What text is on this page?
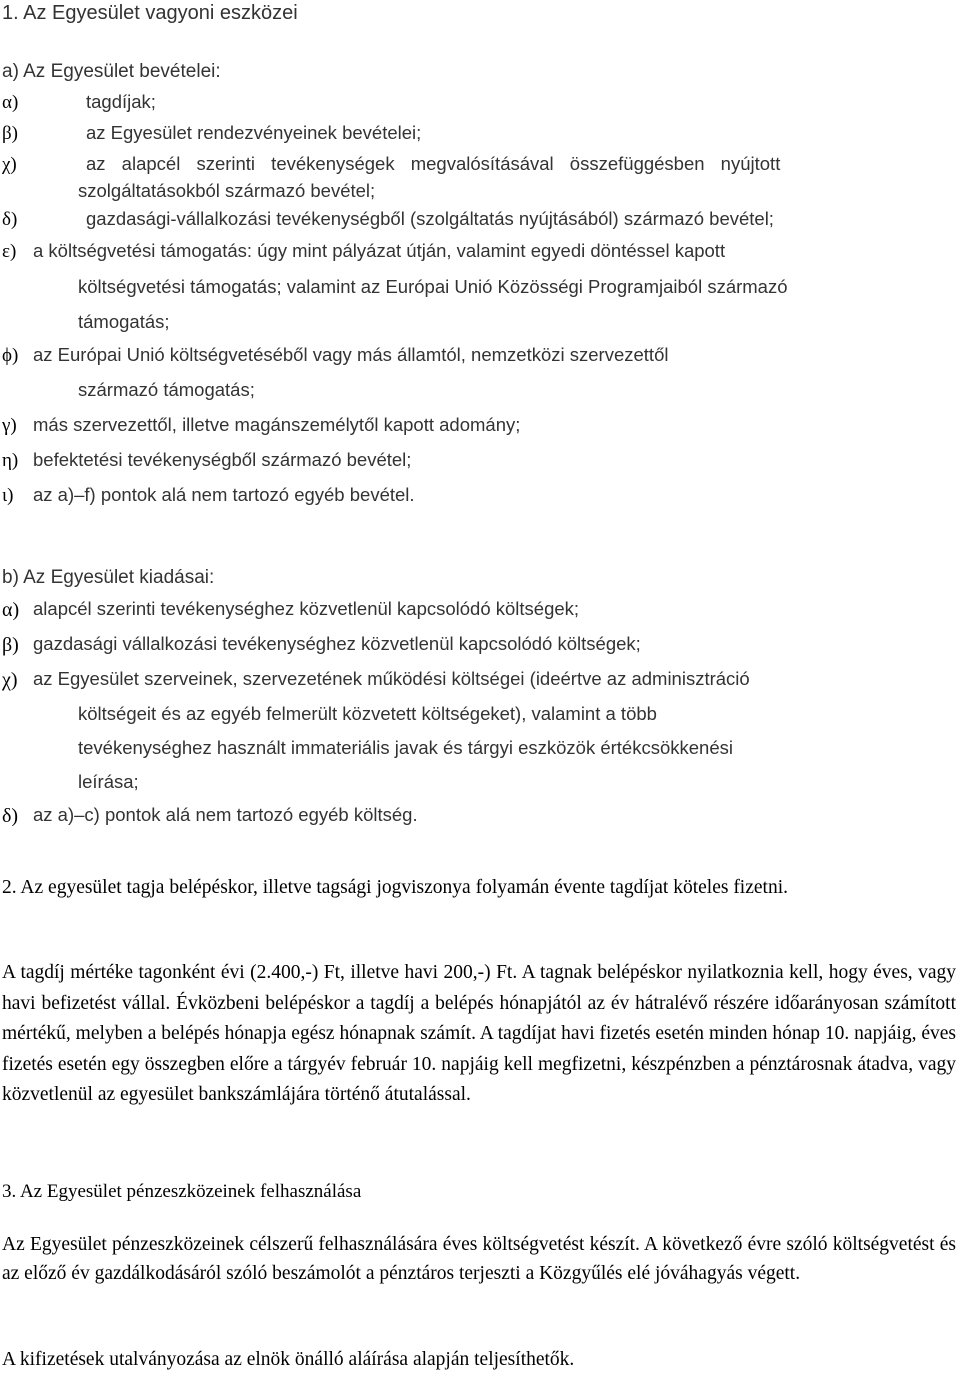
1. Az Egyesület vagyoni eszközei
a) Az Egyesület bevételei:
α)	tagdíjak;
β)	az Egyesület rendezvényeinek bevételei;
χ)	az alapcél szerinti tevékenységek megvalósításával összefüggésben nyújtott
szolgáltatásokból származó bevétel;
δ)	gazdasági-vállalkozási tevékenységből (szolgáltatás nyújtásából) származó bevétel;
ε) a költségvetési támogatás: úgy mint pályázat útján, valamint egyedi döntéssel kapott
költségvetési támogatás; valamint az Európai Unió Közösségi Programjaiból származó
támogatás;
ϕ) az Európai Unió költségvetéséből vagy más államtól, nemzetközi szervezettől
származó támogatás;
γ) más szervezettől, illetve magánszemélytől kapott adomány;
η) befektetési tevékenységből származó bevétel;
ι) az a)–f) pontok alá nem tartozó egyéb bevétel.
b) Az Egyesület kiadásai:
α) alapcél szerinti tevékenységhez közvetlenül kapcsolódó költségek;
β) gazdasági vállalkozási tevékenységhez közvetlenül kapcsolódó költségek;
χ) az Egyesület szerveinek, szervezetének működési költségei (ideértve az adminisztráció
költségeit és az egyéb felmerült közvetett költségeket), valamint a több
tevékenységhez használt immateriális javak és tárgyi eszközök értékcsökkenési
leírása;
δ) az a)–c) pontok alá nem tartozó egyéb költség.

2. Az egyesület tagja belépéskor, illetve tagsági jogviszonya folyamán évente tagdíjat köteles fizetni.

A tagdíj mértéke tagonként évi (2.400,-) Ft, illetve havi 200,-) Ft. A tagnak belépéskor nyilatkoznia kell, hogy éves, vagy havi befizetést vállal. Évközbeni belépéskor a tagdíj a belépés hónapjától az év hátralévő részére időarányosan számított mértékű, melyben a belépés hónapja egész hónapnak számít. A tagdíjat havi fizetés esetén minden hónap 10. napjáig, éves fizetés esetén egy összegben előre a tárgyév február 10. napjáig kell megfizetni, készpénzben a pénztárosnak átadva, vagy közvetlenül az egyesület bankszámlájára történő átutalással.

3. Az Egyesület pénzeszközeinek felhasználása

Az Egyesület pénzeszközeinek célszerű felhasználására éves költségvetést készít. A következő évre szóló költségvetést és az előző év gazdálkodásáról szóló beszámolót a pénztáros terjeszti a Közgyűlés elé jóváhagyás végett.

A kifizetések utalványozása az elnök önálló aláírása alapján teljesíthetők.
